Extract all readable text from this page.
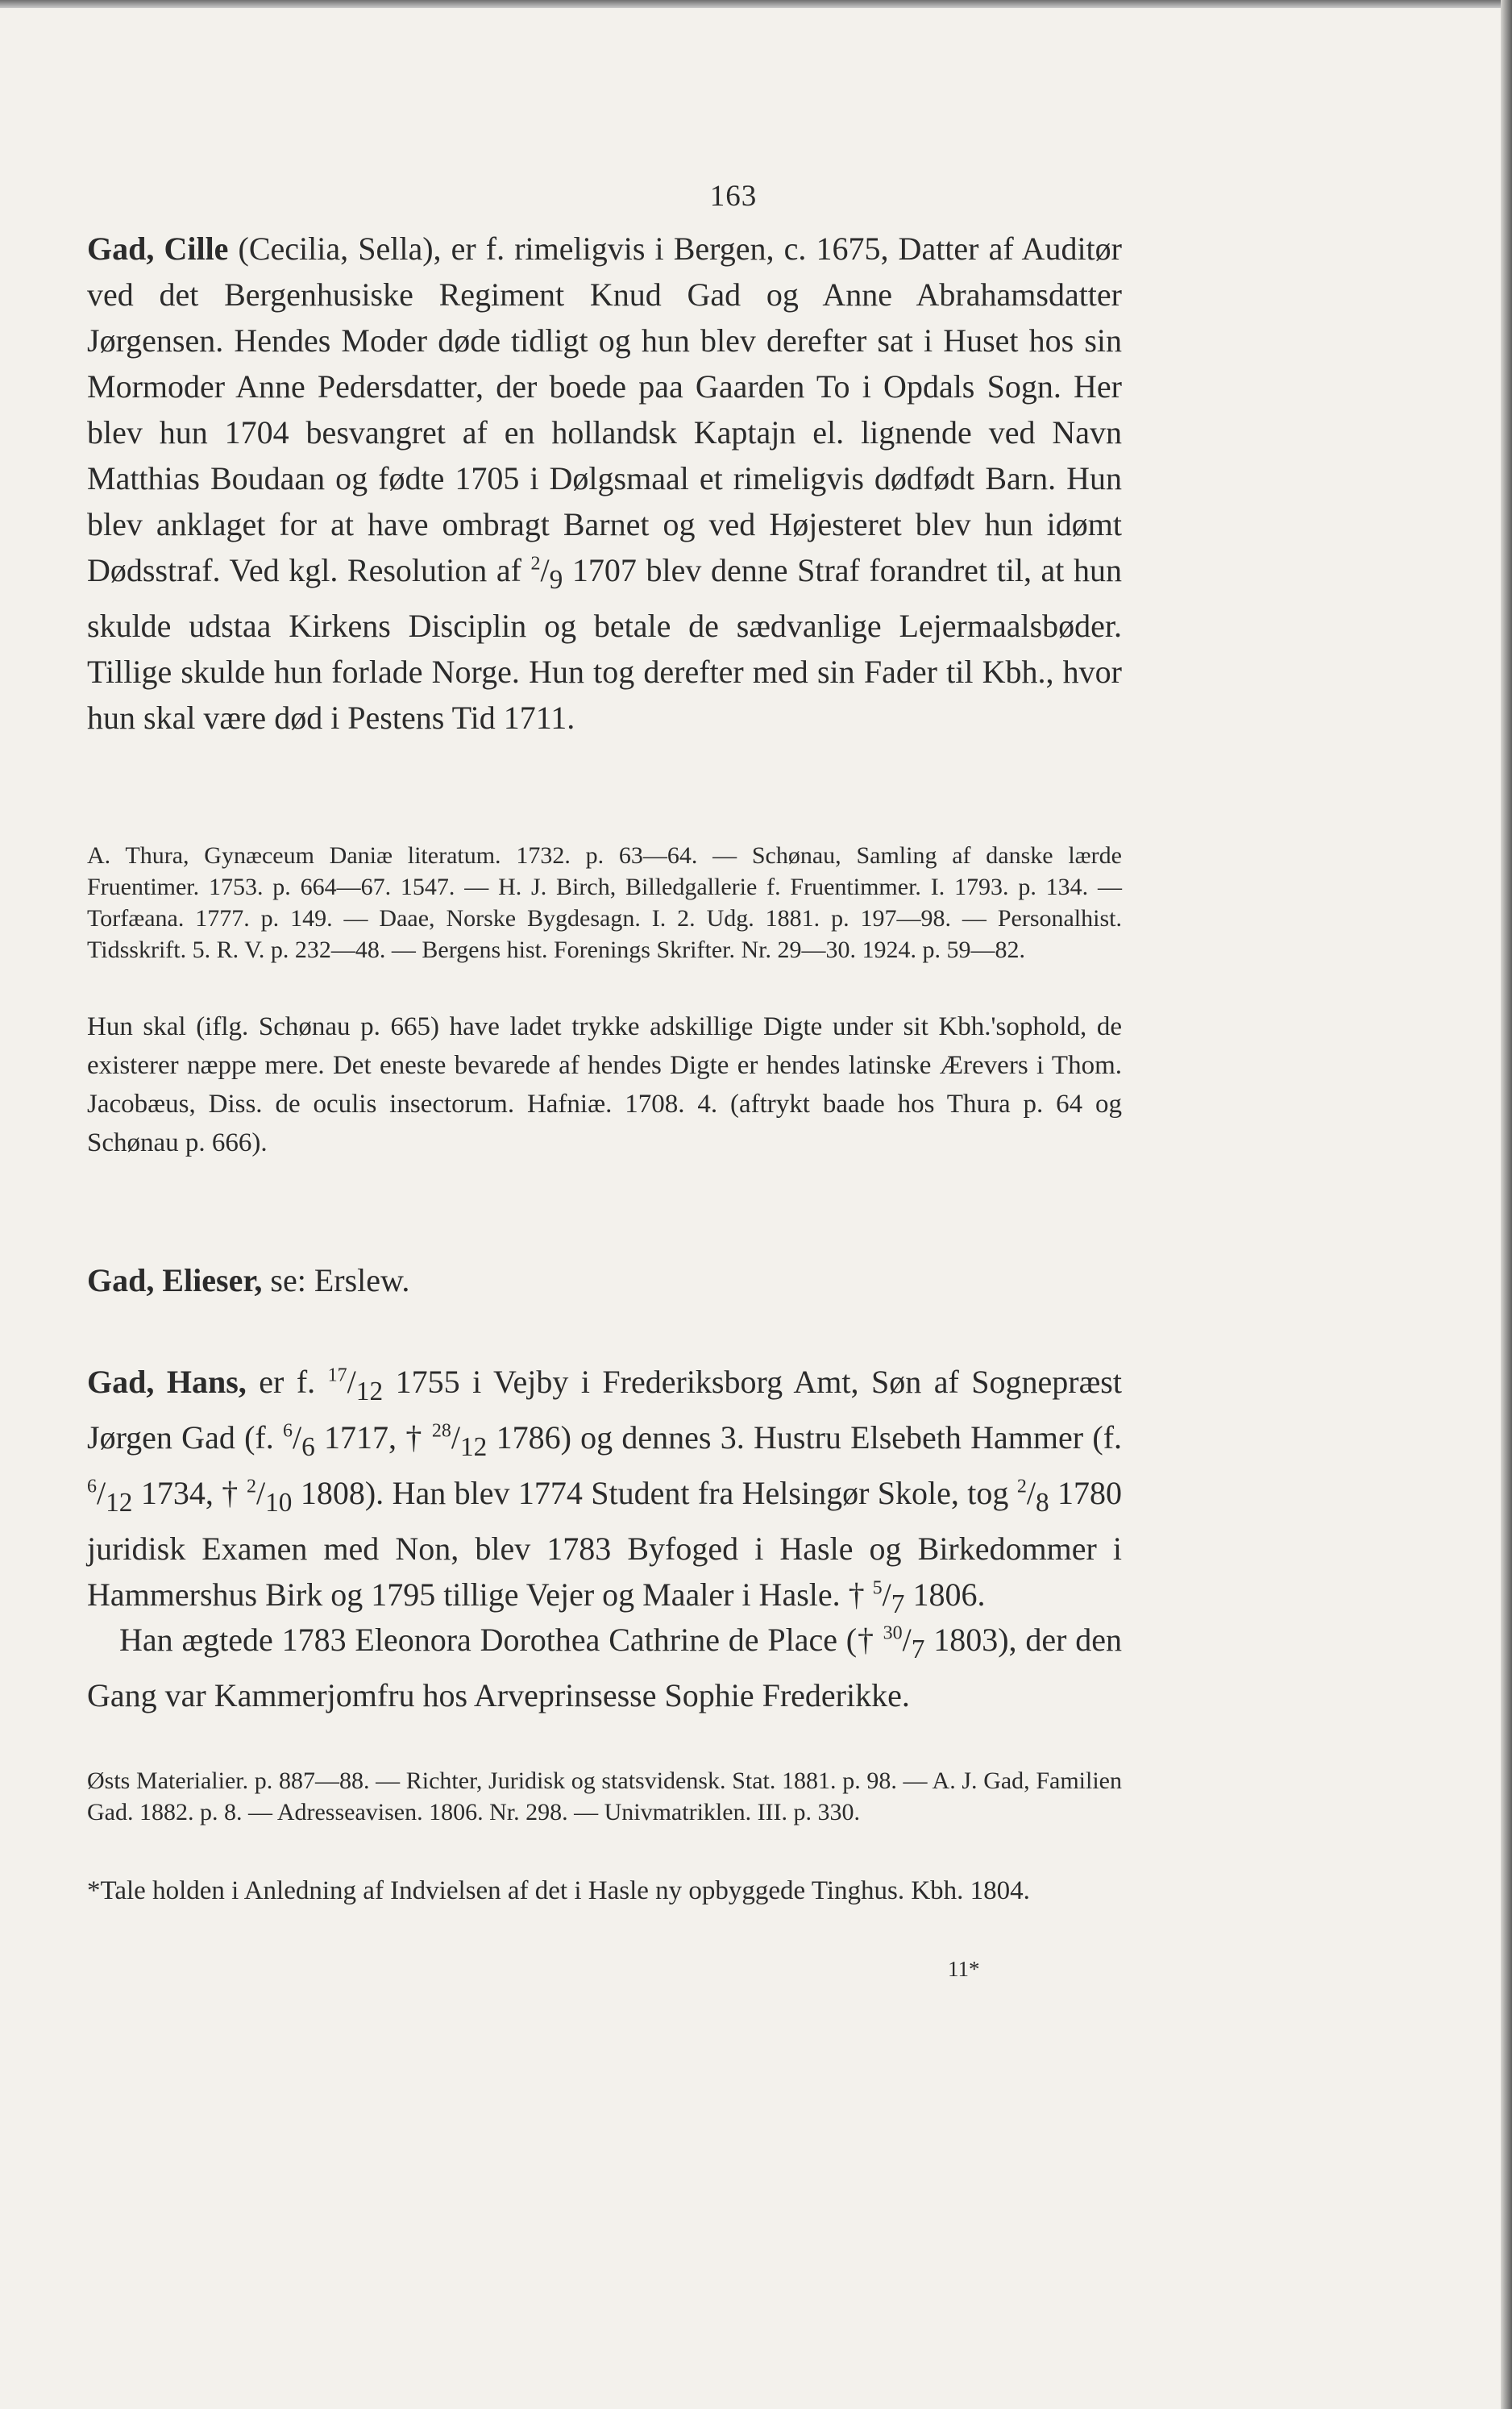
163

Gad, Cille (Cecilia, Sella), er f. rimeligvis i Bergen, c. 1675, Datter af Auditør ved det Bergenhusiske Regiment Knud Gad og Anne Abrahamsdatter Jørgensen. Hendes Moder døde tidligt og hun blev derefter sat i Huset hos sin Mormoder Anne Pedersdatter, der boede paa Gaarden To i Opdals Sogn. Her blev hun 1704 besvangret af en hollandsk Kaptajn el. lignende ved Navn Matthias Boudaan og fødte 1705 i Dølgsmaal et rimeligvis dødfødt Barn. Hun blev anklaget for at have ombragt Barnet og ved Højesteret blev hun idømt Dødsstraf. Ved kgl. Resolution af $^2/_9$ 1707 blev denne Straf forandret til, at hun skulde udstaa Kirkens Disciplin og betale de sædvanlige Lejermaalsbøder. Tillige skulde hun forlade Norge. Hun tog derefter med sin Fader til Kbh., hvor hun skal være død i Pestens Tid 1711.

A. Thura, Gynæceum Daniæ literatum. 1732. p. 63—64. — Schønau, Samling af danske lærde Fruentimer. 1753. p. 664—67. 1547. — H. J. Birch, Billedgallerie f. Fruentimmer. I. 1793. p. 134. — Torfæana. 1777. p. 149. — Daae, Norske Bygdesagn. I. 2. Udg. 1881. p. 197—98. — Personalhist. Tidsskrift. 5. R. V. p. 232—48. — Bergens hist. Forenings Skrifter. Nr. 29—30. 1924. p. 59—82.

Hun skal (iflg. Schønau p. 665) have ladet trykke adskillige Digte under sit Kbh.'sophold, de existerer næppe mere. Det eneste bevarede af hendes Digte er hendes latinske Ærevers i Thom. Jacobæus, Diss. de oculis insectorum. Hafniæ. 1708. 4. (aftrykt baade hos Thura p. 64 og Schønau p. 666).

Gad, Elieser, se: Erslew.

Gad, Hans, er f. $^{17}/_{12}$ 1755 i Vejby i Frederiksborg Amt, Søn af Sognepræst Jørgen Gad (f. $^6/_6$ 1717, † $^{28}/_{12}$ 1786) og dennes 3. Hustru Elsebeth Hammer (f. $^6/_{12}$ 1734, † $^2/_{10}$ 1808). Han blev 1774 Student fra Helsingør Skole, tog $^2/_8$ 1780 juridisk Examen med Non, blev 1783 Byfoged i Hasle og Birkedommer i Hammershus Birk og 1795 tillige Vejer og Maaler i Hasle. † $^5/_7$ 1806.

Han ægtede 1783 Eleonora Dorothea Cathrine de Place († $^{30}/_7$ 1803), der den Gang var Kammerjomfru hos Arveprinsesse Sophie Frederikke.

Østs Materialier. p. 887—88. — Richter, Juridisk og statsvidensk. Stat. 1881. p. 98. — A. J. Gad, Familien Gad. 1882. p. 8. — Adresseavisen. 1806. Nr. 298. — Univmatriklen. III. p. 330.

*Tale holden i Anledning af Indvielsen af det i Hasle ny opbyggede Tinghus. Kbh. 1804.

11*
